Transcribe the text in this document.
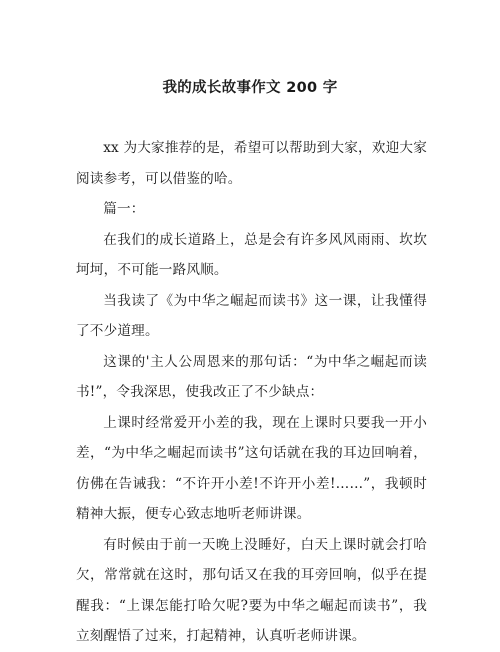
我的成长故事作文 200 字

xx 为大家推荐的是，希望可以帮助到大家，欢迎大家阅读参考，可以借鉴的哈。

篇一：

在我们的成长道路上，总是会有许多风风雨雨、坎坎坷坷，不可能一路风顺。

当我读了《为中华之崛起而读书》这一课，让我懂得了不少道理。

这课的'主人公周恩来的那句话：“为中华之崛起而读书!”，令我深思，使我改正了不少缺点：

上课时经常爱开小差的我，现在上课时只要我一开小差，“为中华之崛起而读书”这句话就在我的耳边回响着，仿佛在告诫我：“不许开小差!不许开小差!……”，我顿时精神大振，便专心致志地听老师讲课。

有时候由于前一天晚上没睡好，白天上课时就会打哈欠，常常就在这时，那句话又在我的耳旁回响，似乎在提醒我：“上课怎能打哈欠呢?要为中华之崛起而读书”，我立刻醒悟了过来，打起精神，认真听老师讲课。
